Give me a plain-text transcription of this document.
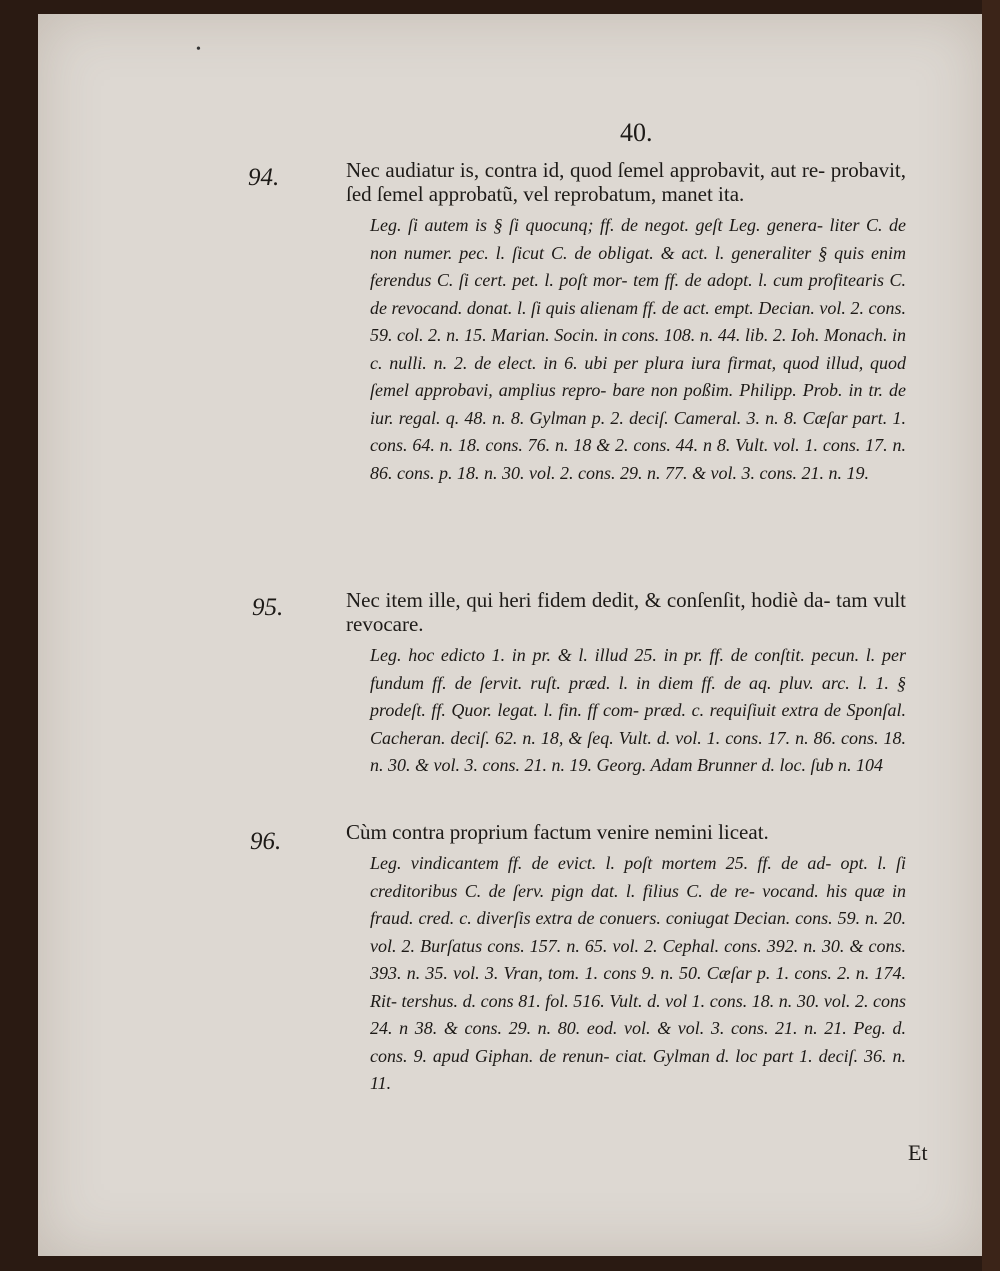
•
40.
94.	Nec audiatur is, contra id, quod ſemel approbavit, aut re- probavit, ſed ſemel approbatũ, vel reprobatum, manet ita.

Leg. ſi autem is § ſi quocunq; ff. de negot. geſt Leg. genera- liter C. de non numer. pec. l. ſicut C. de obligat. & act. l. generaliter § quis enim ferendus C. ſi cert. pet. l. poſt mor- tem ff. de adopt. l. cum profitearis C. de revocand. donat. l. ſi quis alienam ff. de act. empt. Decian. vol. 2. cons. 59. col. 2. n. 15. Marian. Socin. in cons. 108. n. 44. lib. 2. Ioh. Monach. in c. nulli. n. 2. de elect. in 6. ubi per plura iura firmat, quod illud, quod ſemel approbavi, amplius repro- bare non poßim. Philipp. Prob. in tr. de iur. regal. q. 48. n. 8. Gylman p. 2. deciſ. Cameral. 3. n. 8. Cæſar part. 1. cons. 64. n. 18. cons. 76. n. 18 & 2. cons. 44. n 8. Vult. vol. 1. cons. 17. n. 86. cons. p. 18. n. 30. vol. 2. cons. 29. n. 77. & vol. 3. cons. 21. n. 19.

95.	Nec item ille, qui heri fidem dedit, & conſenſit, hodiè da- tam vult revocare.

Leg. hoc edicto 1. in pr. & l. illud 25. in pr. ff. de conſtit. pecun. l. per fundum ff. de ſervit. ruſt. præd. l. in diem ff. de aq. pluv. arc. l. 1. § prodeſt. ff. Quor. legat. l. fin. ff com- præd. c. requiſiuit extra de Sponſal. Cacheran. deciſ. 62. n. 18, & ſeq. Vult. d. vol. 1. cons. 17. n. 86. cons. 18. n. 30. & vol. 3. cons. 21. n. 19. Georg. Adam Brunner d. loc. ſub n. 104

96.	Cùm contra proprium factum venire nemini liceat.

Leg. vindicantem ff. de evict. l. poſt mortem 25. ff. de ad- opt. l. ſi creditoribus C. de ſerv. pign dat. l. filius C. de re- vocand. his quæ in fraud. cred. c. diverſis extra de conuers. coniugat Decian. cons. 59. n. 20. vol. 2. Burſatus cons. 157. n. 65. vol. 2. Cephal. cons. 392. n. 30. & cons. 393. n. 35. vol. 3. Vran, tom. 1. cons 9. n. 50. Cæſar p. 1. cons. 2. n. 174. Rit- tershus. d. cons 81. fol. 516. Vult. d. vol 1. cons. 18. n. 30. vol. 2. cons 24. n 38. & cons. 29. n. 80. eod. vol. & vol. 3. cons. 21. n. 21. Peg. d. cons. 9. apud Giphan. de renun- ciat. Gylman d. loc part 1. deciſ. 36. n. 11.

Et
